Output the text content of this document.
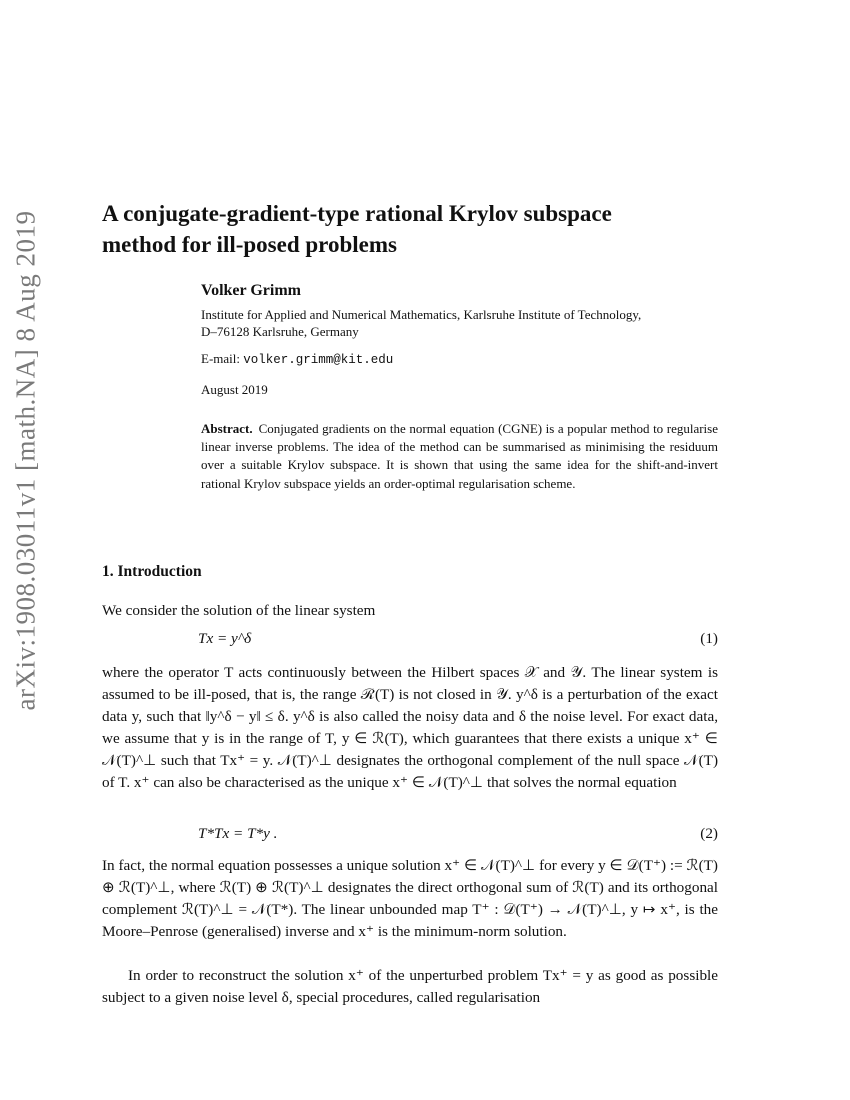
arXiv:1908.03011v1 [math.NA] 8 Aug 2019	A conjugate-gradient-type rational Krylov subspace
method for ill-posed problems
Volker Grimm
Institute for Applied and Numerical Mathematics, Karlsruhe Institute of Technology,
D–76128 Karlsruhe, Germany
E-mail: volker.grimm@kit.edu
August 2019

Abstract. Conjugated gradients on the normal equation (CGNE) is a popular method to regularise linear inverse problems. The idea of the method can be summarised as minimising the residuum over a suitable Krylov subspace. It is shown that using the same idea for the shift-and-invert rational Krylov subspace yields an order-optimal regularisation scheme.

1. Introduction

We consider the solution of the linear system

Tx = y^δ	(1)

where the operator T acts continuously between the Hilbert spaces 𝒳 and 𝒴. The linear system is assumed to be ill-posed, that is, the range ℛ(T) is not closed in 𝒴. y^δ is a perturbation of the exact data y, such that ‖y^δ − y‖ ≤ δ. y^δ is also called the noisy data and δ the noise level. For exact data, we assume that y is in the range of T, y ∈ ℛ(T), which guarantees that there exists a unique x⁺ ∈ 𝒩(T)^⊥ such that Tx⁺ = y. 𝒩(T)^⊥ designates the orthogonal complement of the null space 𝒩(T) of T. x⁺ can also be characterised as the unique x⁺ ∈ 𝒩(T)^⊥ that solves the normal equation

T*Tx = T*y .	(2)

In fact, the normal equation possesses a unique solution x⁺ ∈ 𝒩(T)^⊥ for every y ∈ 𝒟(T⁺) := ℛ(T) ⊕ ℛ(T)^⊥, where ℛ(T) ⊕ ℛ(T)^⊥ designates the direct orthogonal sum of ℛ(T) and its orthogonal complement ℛ(T)^⊥ = 𝒩(T*). The linear unbounded map T⁺ : 𝒟(T⁺) → 𝒩(T)^⊥, y ↦ x⁺, is the Moore–Penrose (generalised) inverse and x⁺ is the minimum-norm solution.

In order to reconstruct the solution x⁺ of the unperturbed problem Tx⁺ = y as good as possible subject to a given noise level δ, special procedures, called regularisation
